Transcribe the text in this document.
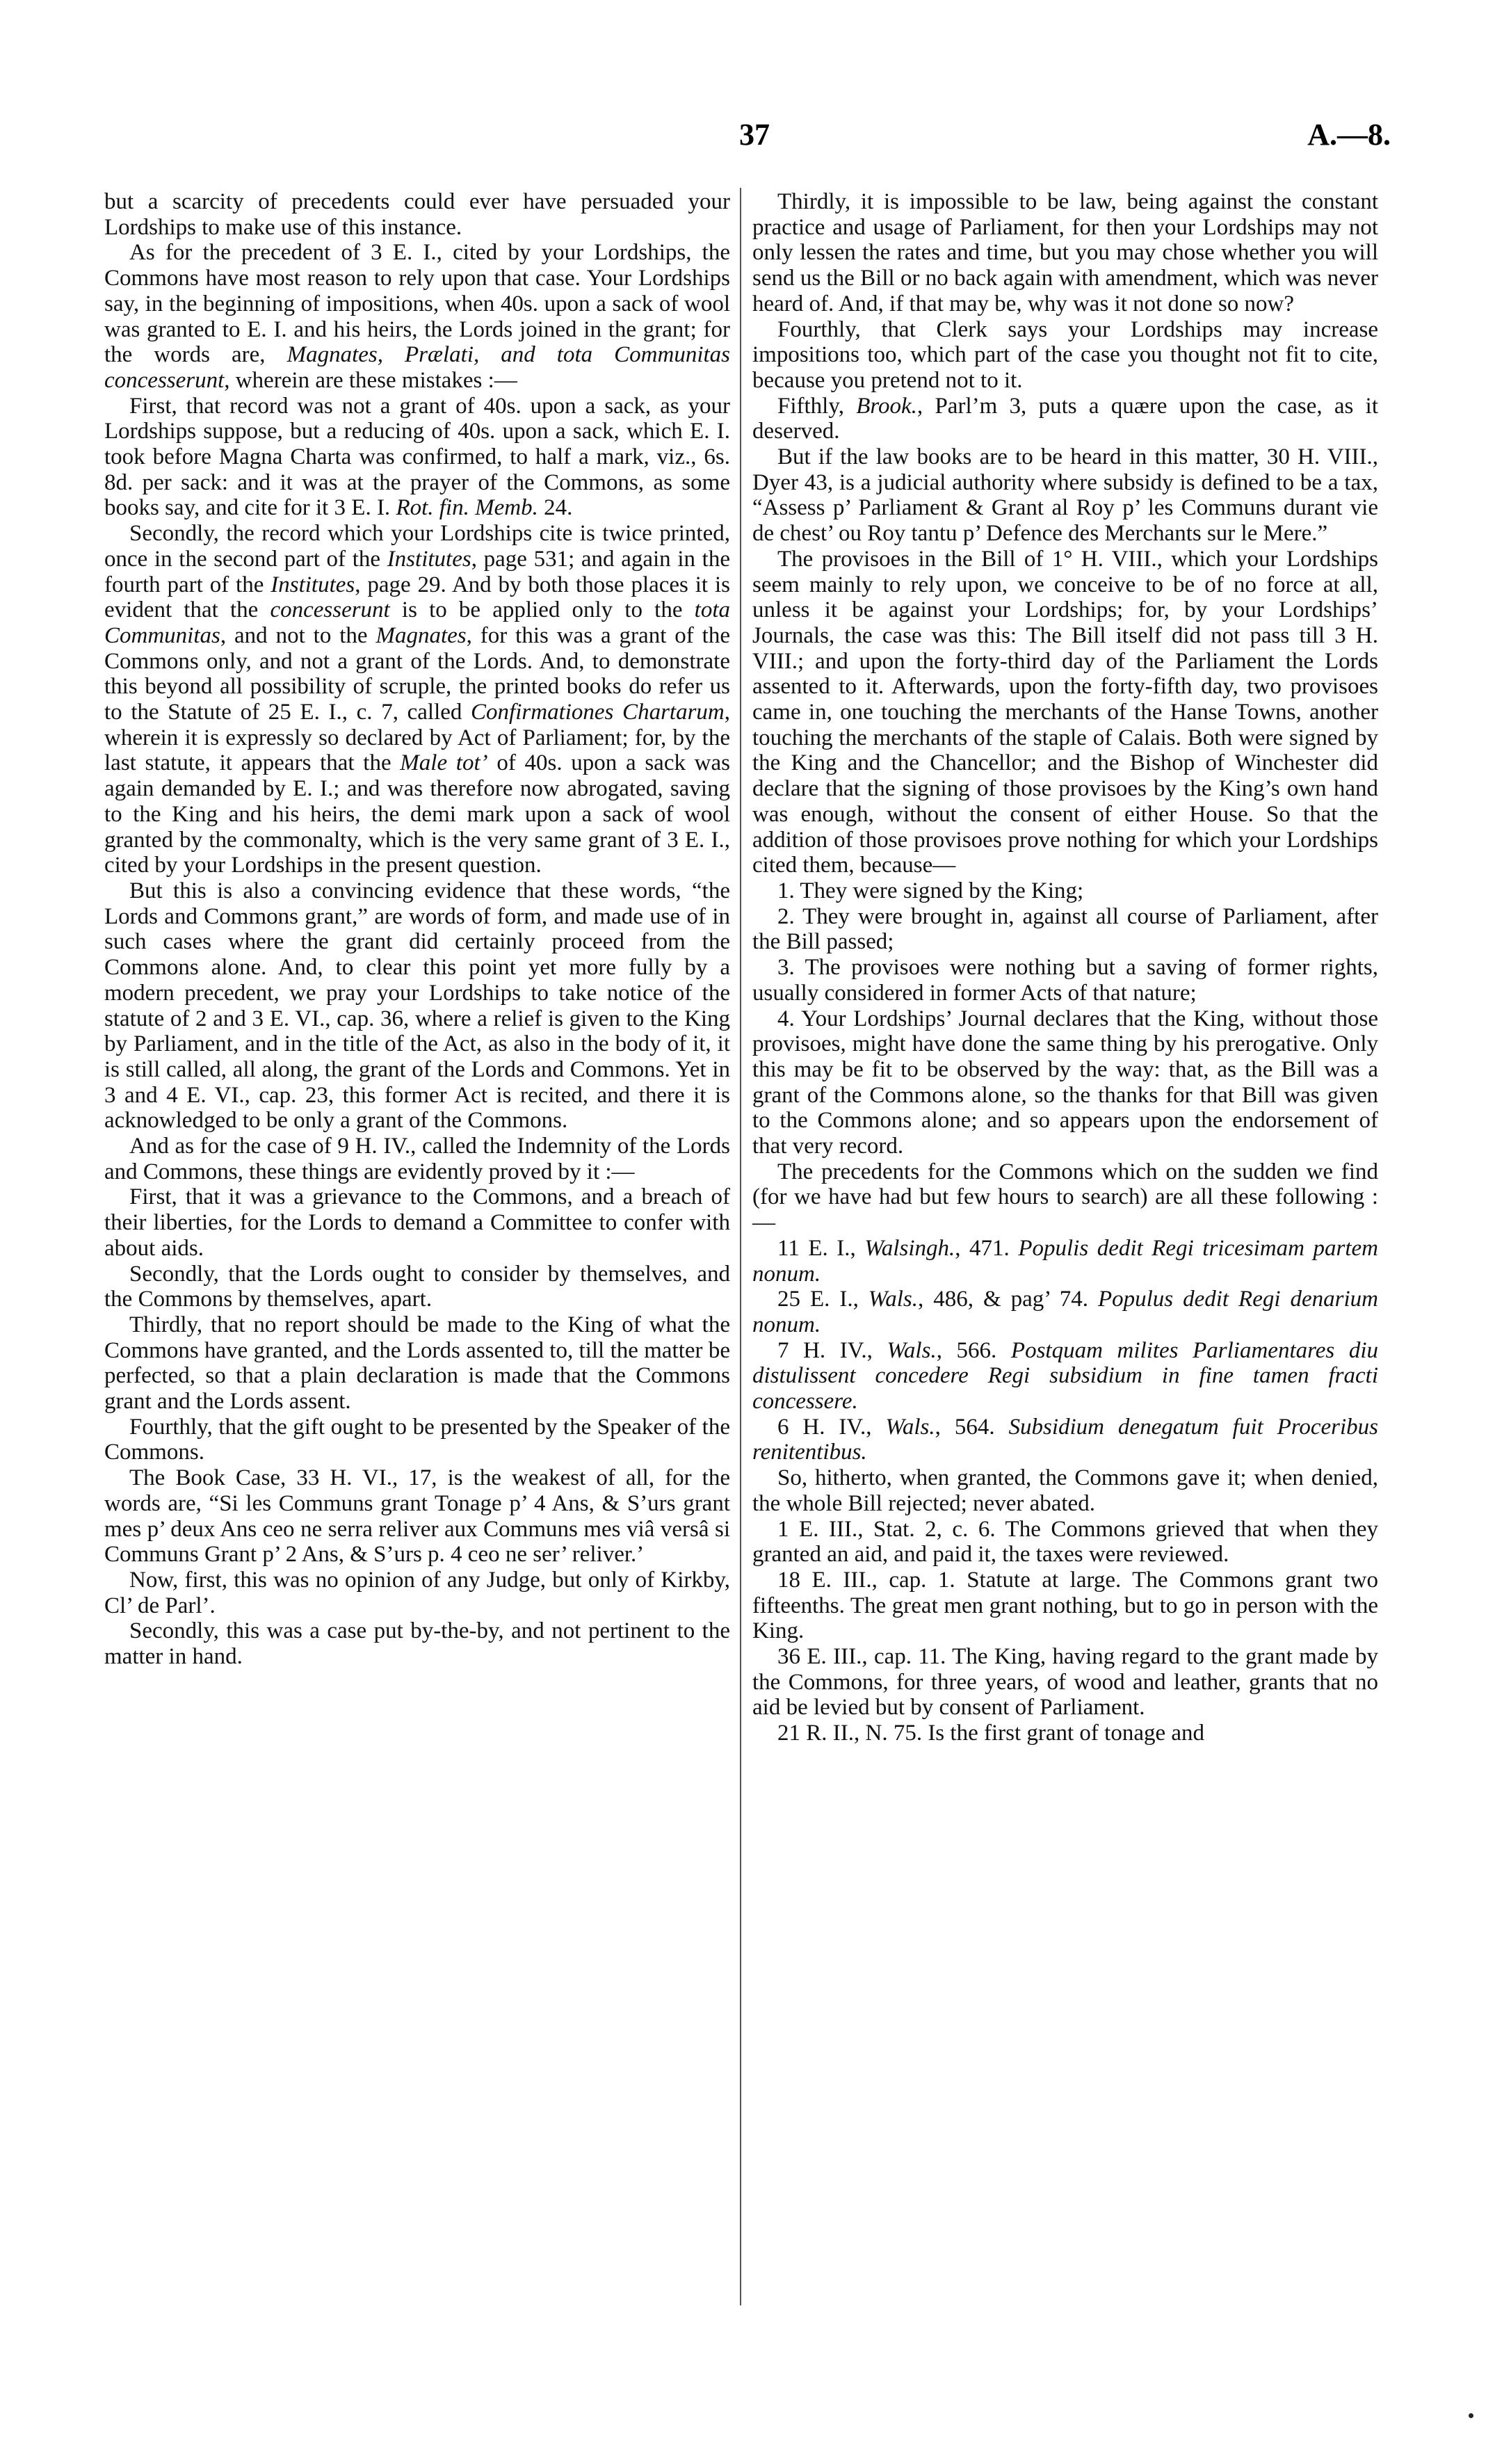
37	A.—8.

but a scarcity of precedents could ever have persuaded your Lordships to make use of this instance.

As for the precedent of 3 E. I., cited by your Lordships, the Commons have most reason to rely upon that case. Your Lordships say, in the beginning of impositions, when 40s. upon a sack of wool was granted to E. I. and his heirs, the Lords joined in the grant; for the words are, Magnates, Prælati, and tota Communitas concesserunt, wherein are these mistakes :—

First, that record was not a grant of 40s. upon a sack, as your Lordships suppose, but a reducing of 40s. upon a sack, which E. I. took before Magna Charta was confirmed, to half a mark, viz., 6s. 8d. per sack: and it was at the prayer of the Commons, as some books say, and cite for it 3 E. I. Rot. fin. Memb. 24.

Secondly, the record which your Lordships cite is twice printed, once in the second part of the Institutes, page 531; and again in the fourth part of the Institutes, page 29. And by both those places it is evident that the concesserunt is to be applied only to the tota Communitas, and not to the Magnates, for this was a grant of the Commons only, and not a grant of the Lords. And, to demonstrate this beyond all possibility of scruple, the printed books do refer us to the Statute of 25 E. I., c. 7, called Confirmationes Chartarum, wherein it is expressly so declared by Act of Parliament; for, by the last statute, it appears that the Male tot’ of 40s. upon a sack was again demanded by E. I.; and was therefore now abrogated, saving to the King and his heirs, the demi mark upon a sack of wool granted by the commonalty, which is the very same grant of 3 E. I., cited by your Lordships in the present question.

But this is also a convincing evidence that these words, “the Lords and Commons grant,” are words of form, and made use of in such cases where the grant did certainly proceed from the Commons alone. And, to clear this point yet more fully by a modern precedent, we pray your Lordships to take notice of the statute of 2 and 3 E. VI., cap. 36, where a relief is given to the King by Parliament, and in the title of the Act, as also in the body of it, it is still called, all along, the grant of the Lords and Commons. Yet in 3 and 4 E. VI., cap. 23, this former Act is recited, and there it is acknowledged to be only a grant of the Commons.

And as for the case of 9 H. IV., called the Indemnity of the Lords and Commons, these things are evidently proved by it :—

First, that it was a grievance to the Commons, and a breach of their liberties, for the Lords to demand a Committee to confer with about aids.

Secondly, that the Lords ought to consider by themselves, and the Commons by themselves, apart.

Thirdly, that no report should be made to the King of what the Commons have granted, and the Lords assented to, till the matter be perfected, so that a plain declaration is made that the Commons grant and the Lords assent.

Fourthly, that the gift ought to be presented by the Speaker of the Commons.

The Book Case, 33 H. VI., 17, is the weakest of all, for the words are, “Si les Communs grant Tonage p’ 4 Ans, & S’urs grant mes p’ deux Ans ceo ne serra reliver aux Communs mes viâ versâ si Communs Grant p’ 2 Ans, & S’urs p. 4 ceo ne ser’ reliver.’

Now, first, this was no opinion of any Judge, but only of Kirkby, Cl’ de Parl’.

Secondly, this was a case put by-the-by, and not pertinent to the matter in hand.

Thirdly, it is impossible to be law, being against the constant practice and usage of Parliament, for then your Lordships may not only lessen the rates and time, but you may chose whether you will send us the Bill or no back again with amendment, which was never heard of. And, if that may be, why was it not done so now?

Fourthly, that Clerk says your Lordships may increase impositions too, which part of the case you thought not fit to cite, because you pretend not to it.

Fifthly, Brook., Parl’m 3, puts a quære upon the case, as it deserved.

But if the law books are to be heard in this matter, 30 H. VIII., Dyer 43, is a judicial authority where subsidy is defined to be a tax, “Assess p’ Parliament & Grant al Roy p’ les Communs durant vie de chest’ ou Roy tantu p’ Defence des Merchants sur le Mere.”

The provisoes in the Bill of 1° H. VIII., which your Lordships seem mainly to rely upon, we conceive to be of no force at all, unless it be against your Lordships; for, by your Lordships’ Journals, the case was this: The Bill itself did not pass till 3 H. VIII.; and upon the forty-third day of the Parliament the Lords assented to it. Afterwards, upon the forty-fifth day, two provisoes came in, one touching the merchants of the Hanse Towns, another touching the merchants of the staple of Calais. Both were signed by the King and the Chancellor; and the Bishop of Winchester did declare that the signing of those provisoes by the King’s own hand was enough, without the consent of either House. So that the addition of those provisoes prove nothing for which your Lordships cited them, because—

1. They were signed by the King;

2. They were brought in, against all course of Parliament, after the Bill passed;

3. The provisoes were nothing but a saving of former rights, usually considered in former Acts of that nature;

4. Your Lordships’ Journal declares that the King, without those provisoes, might have done the same thing by his prerogative. Only this may be fit to be observed by the way: that, as the Bill was a grant of the Commons alone, so the thanks for that Bill was given to the Commons alone; and so appears upon the endorsement of that very record.

The precedents for the Commons which on the sudden we find (for we have had but few hours to search) are all these following :—

11 E. I., Walsingh., 471. Populis dedit Regi tricesimam partem nonum.

25 E. I., Wals., 486, & pag’ 74. Populus dedit Regi denarium nonum.

7 H. IV., Wals., 566. Postquam milites Parliamentares diu distulissent concedere Regi subsidium in fine tamen fracti concessere.

6 H. IV., Wals., 564. Subsidium denegatum fuit Proceribus renitentibus.

So, hitherto, when granted, the Commons gave it; when denied, the whole Bill rejected; never abated.

1 E. III., Stat. 2, c. 6. The Commons grieved that when they granted an aid, and paid it, the taxes were reviewed.

18 E. III., cap. 1. Statute at large. The Commons grant two fifteenths. The great men grant nothing, but to go in person with the King.

36 E. III., cap. 11. The King, having regard to the grant made by the Commons, for three years, of wood and leather, grants that no aid be levied but by consent of Parliament.

21 R. II., N. 75. Is the first grant of tonage and
